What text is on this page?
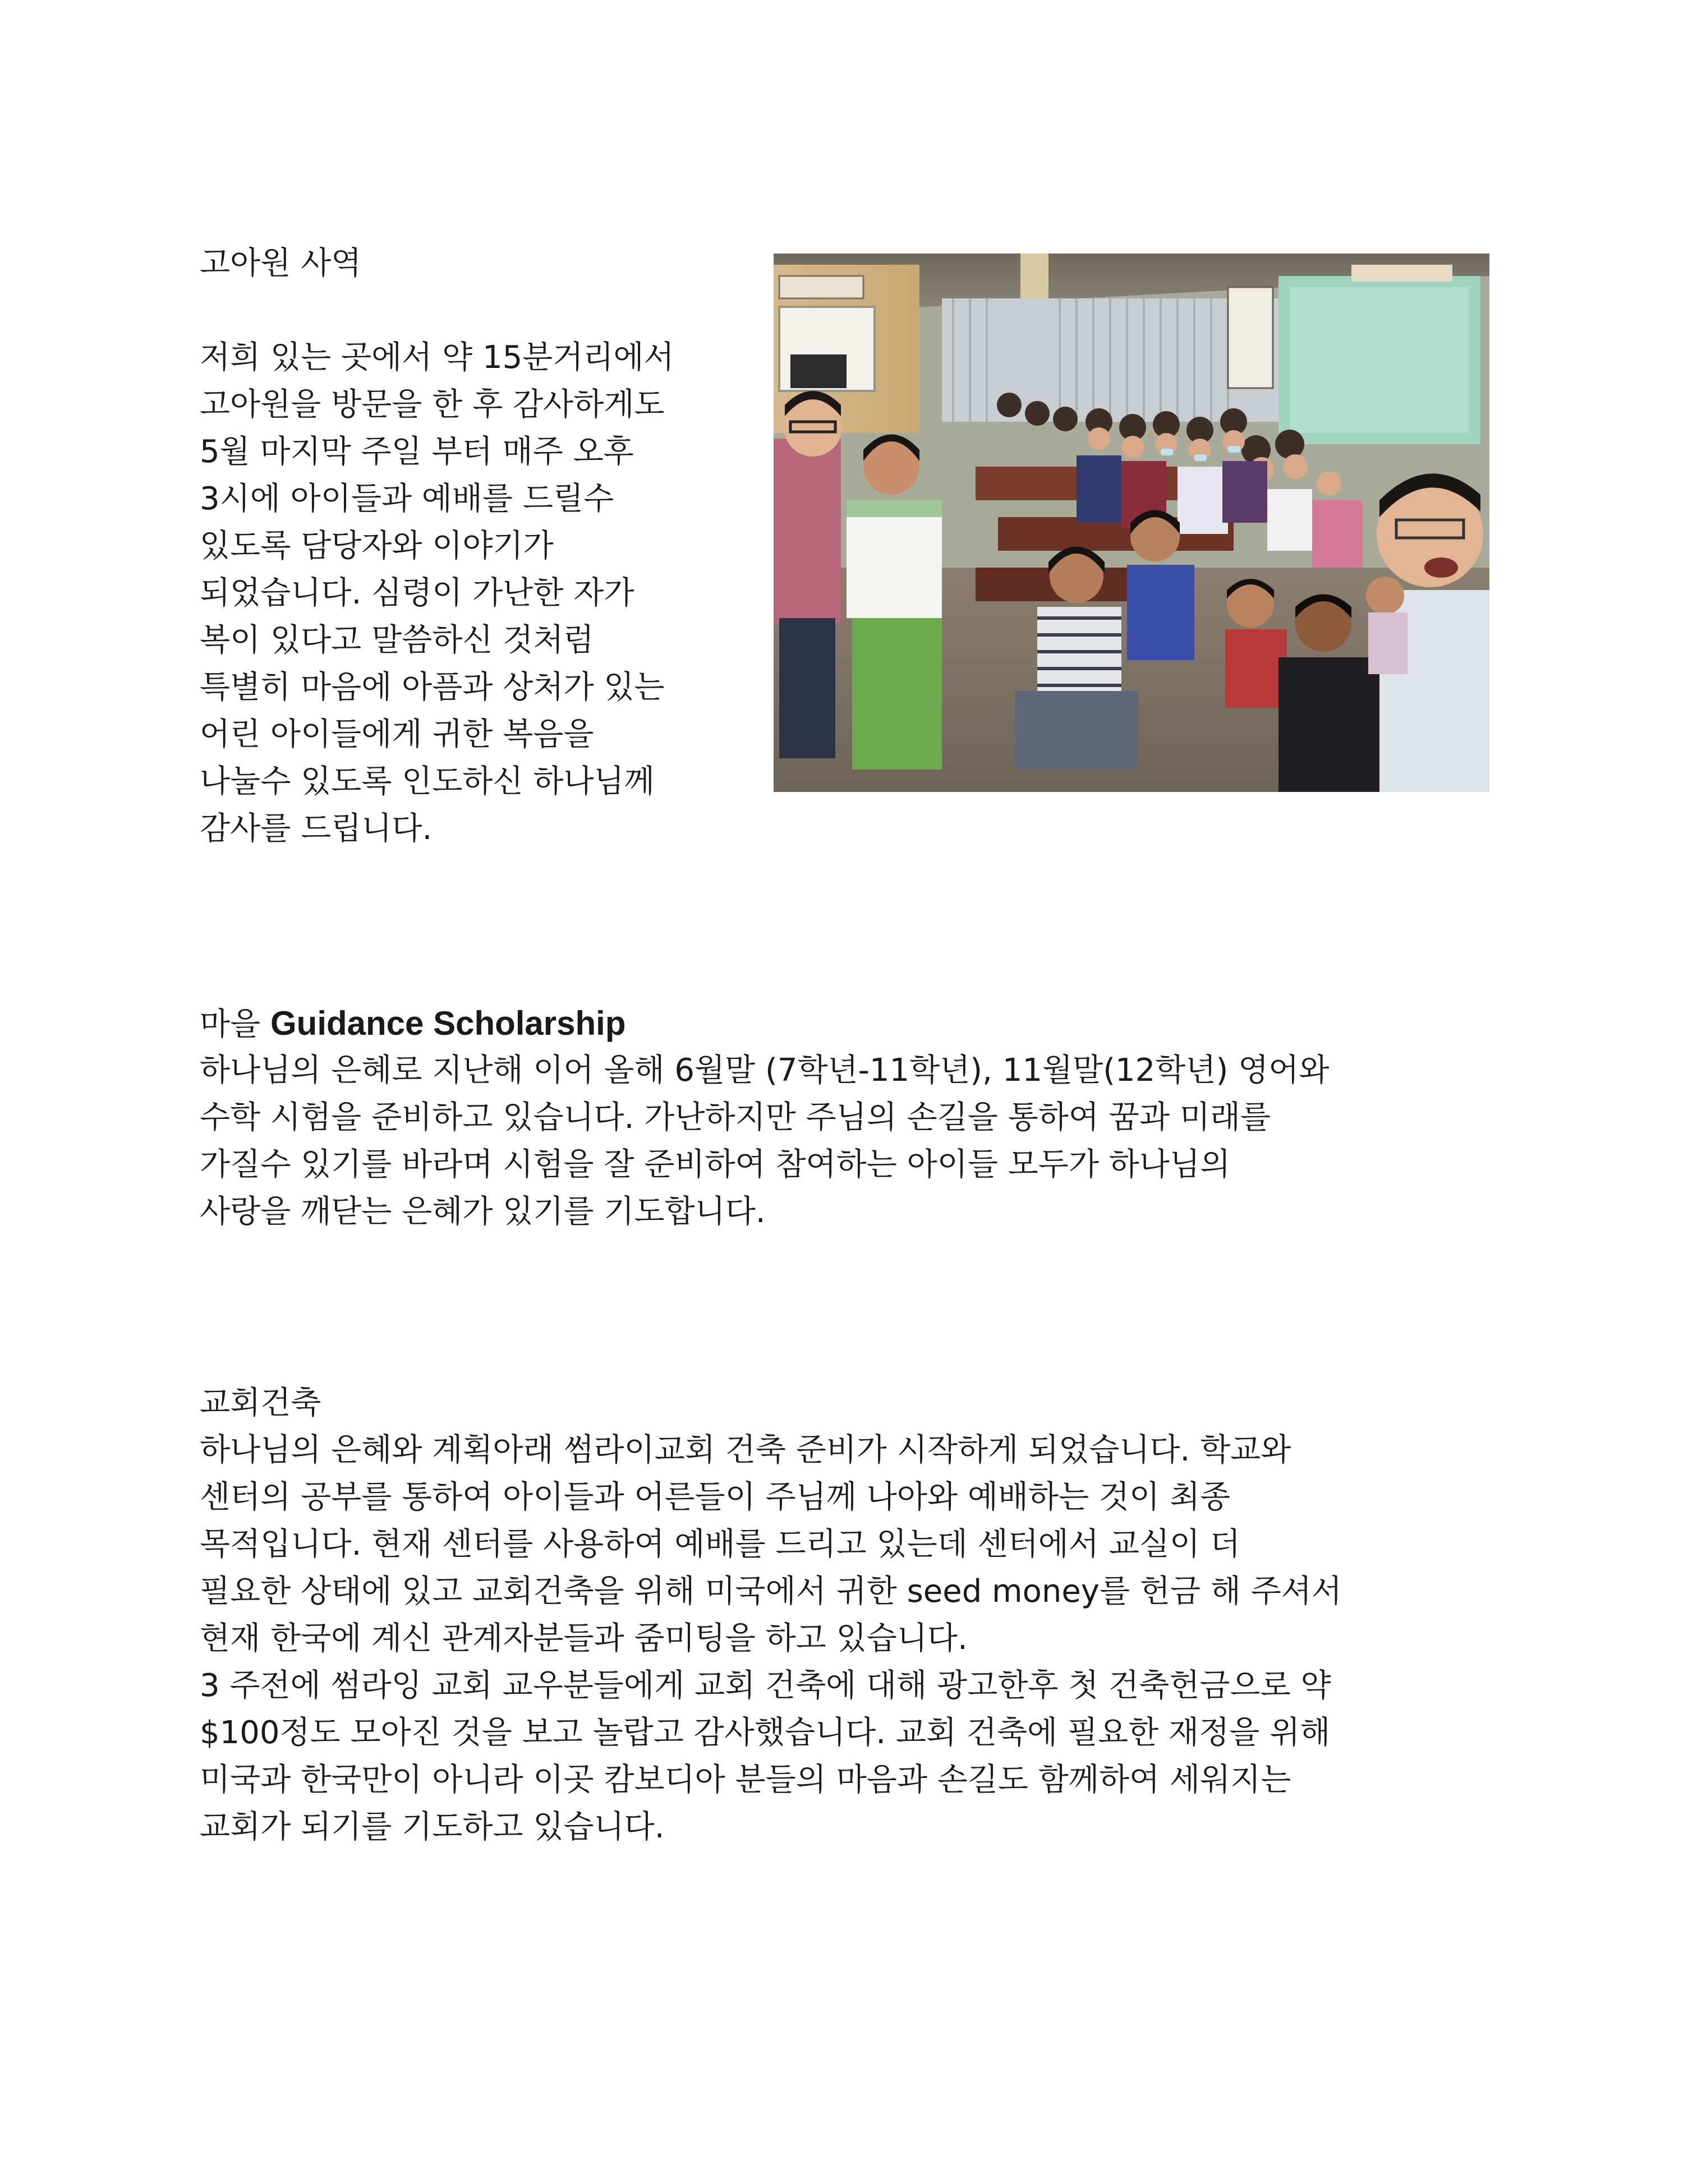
고아원 사역
저희 있는 곳에서 약 15분거리에서
고아원을 방문을 한 후 감사하게도
5월 마지막 주일 부터 매주 오후
3시에 아이들과 예배를 드릴수
있도록 담당자와 이야기가
되었습니다. 심령이 가난한 자가
복이 있다고 말씀하신 것처럼
특별히 마음에 아픔과 상처가 있는
어린 아이들에게 귀한 복음을
나눌수 있도록 인도하신 하나님께
감사를 드립니다.
마을 Guidance Scholarship
하나님의 은혜로 지난해 이어 올해 6월말 (7학년-11학년), 11월말(12학년) 영어와
수학 시험을 준비하고 있습니다. 가난하지만 주님의 손길을 통하여 꿈과 미래를
가질수 있기를 바라며 시험을 잘 준비하여 참여하는 아이들 모두가 하나님의
사랑을 깨닫는 은혜가 있기를 기도합니다.
교회건축
하나님의 은혜와 계획아래 썸라이교회 건축 준비가 시작하게 되었습니다. 학교와
센터의 공부를 통하여 아이들과 어른들이 주님께 나아와 예배하는 것이 최종
목적입니다. 현재 센터를 사용하여 예배를 드리고 있는데 센터에서 교실이 더
필요한 상태에 있고 교회건축을 위해 미국에서 귀한 seed money를 헌금 해 주셔서
현재 한국에 계신 관계자분들과 줌미팅을 하고 있습니다.
3 주전에 썸라잉 교회 교우분들에게 교회 건축에 대해 광고한후 첫 건축헌금으로 약
$100정도 모아진 것을 보고 놀랍고 감사했습니다. 교회 건축에 필요한 재정을 위해
미국과 한국만이 아니라 이곳 캄보디아 분들의 마음과 손길도 함께하여 세워지는
교회가 되기를 기도하고 있습니다.
